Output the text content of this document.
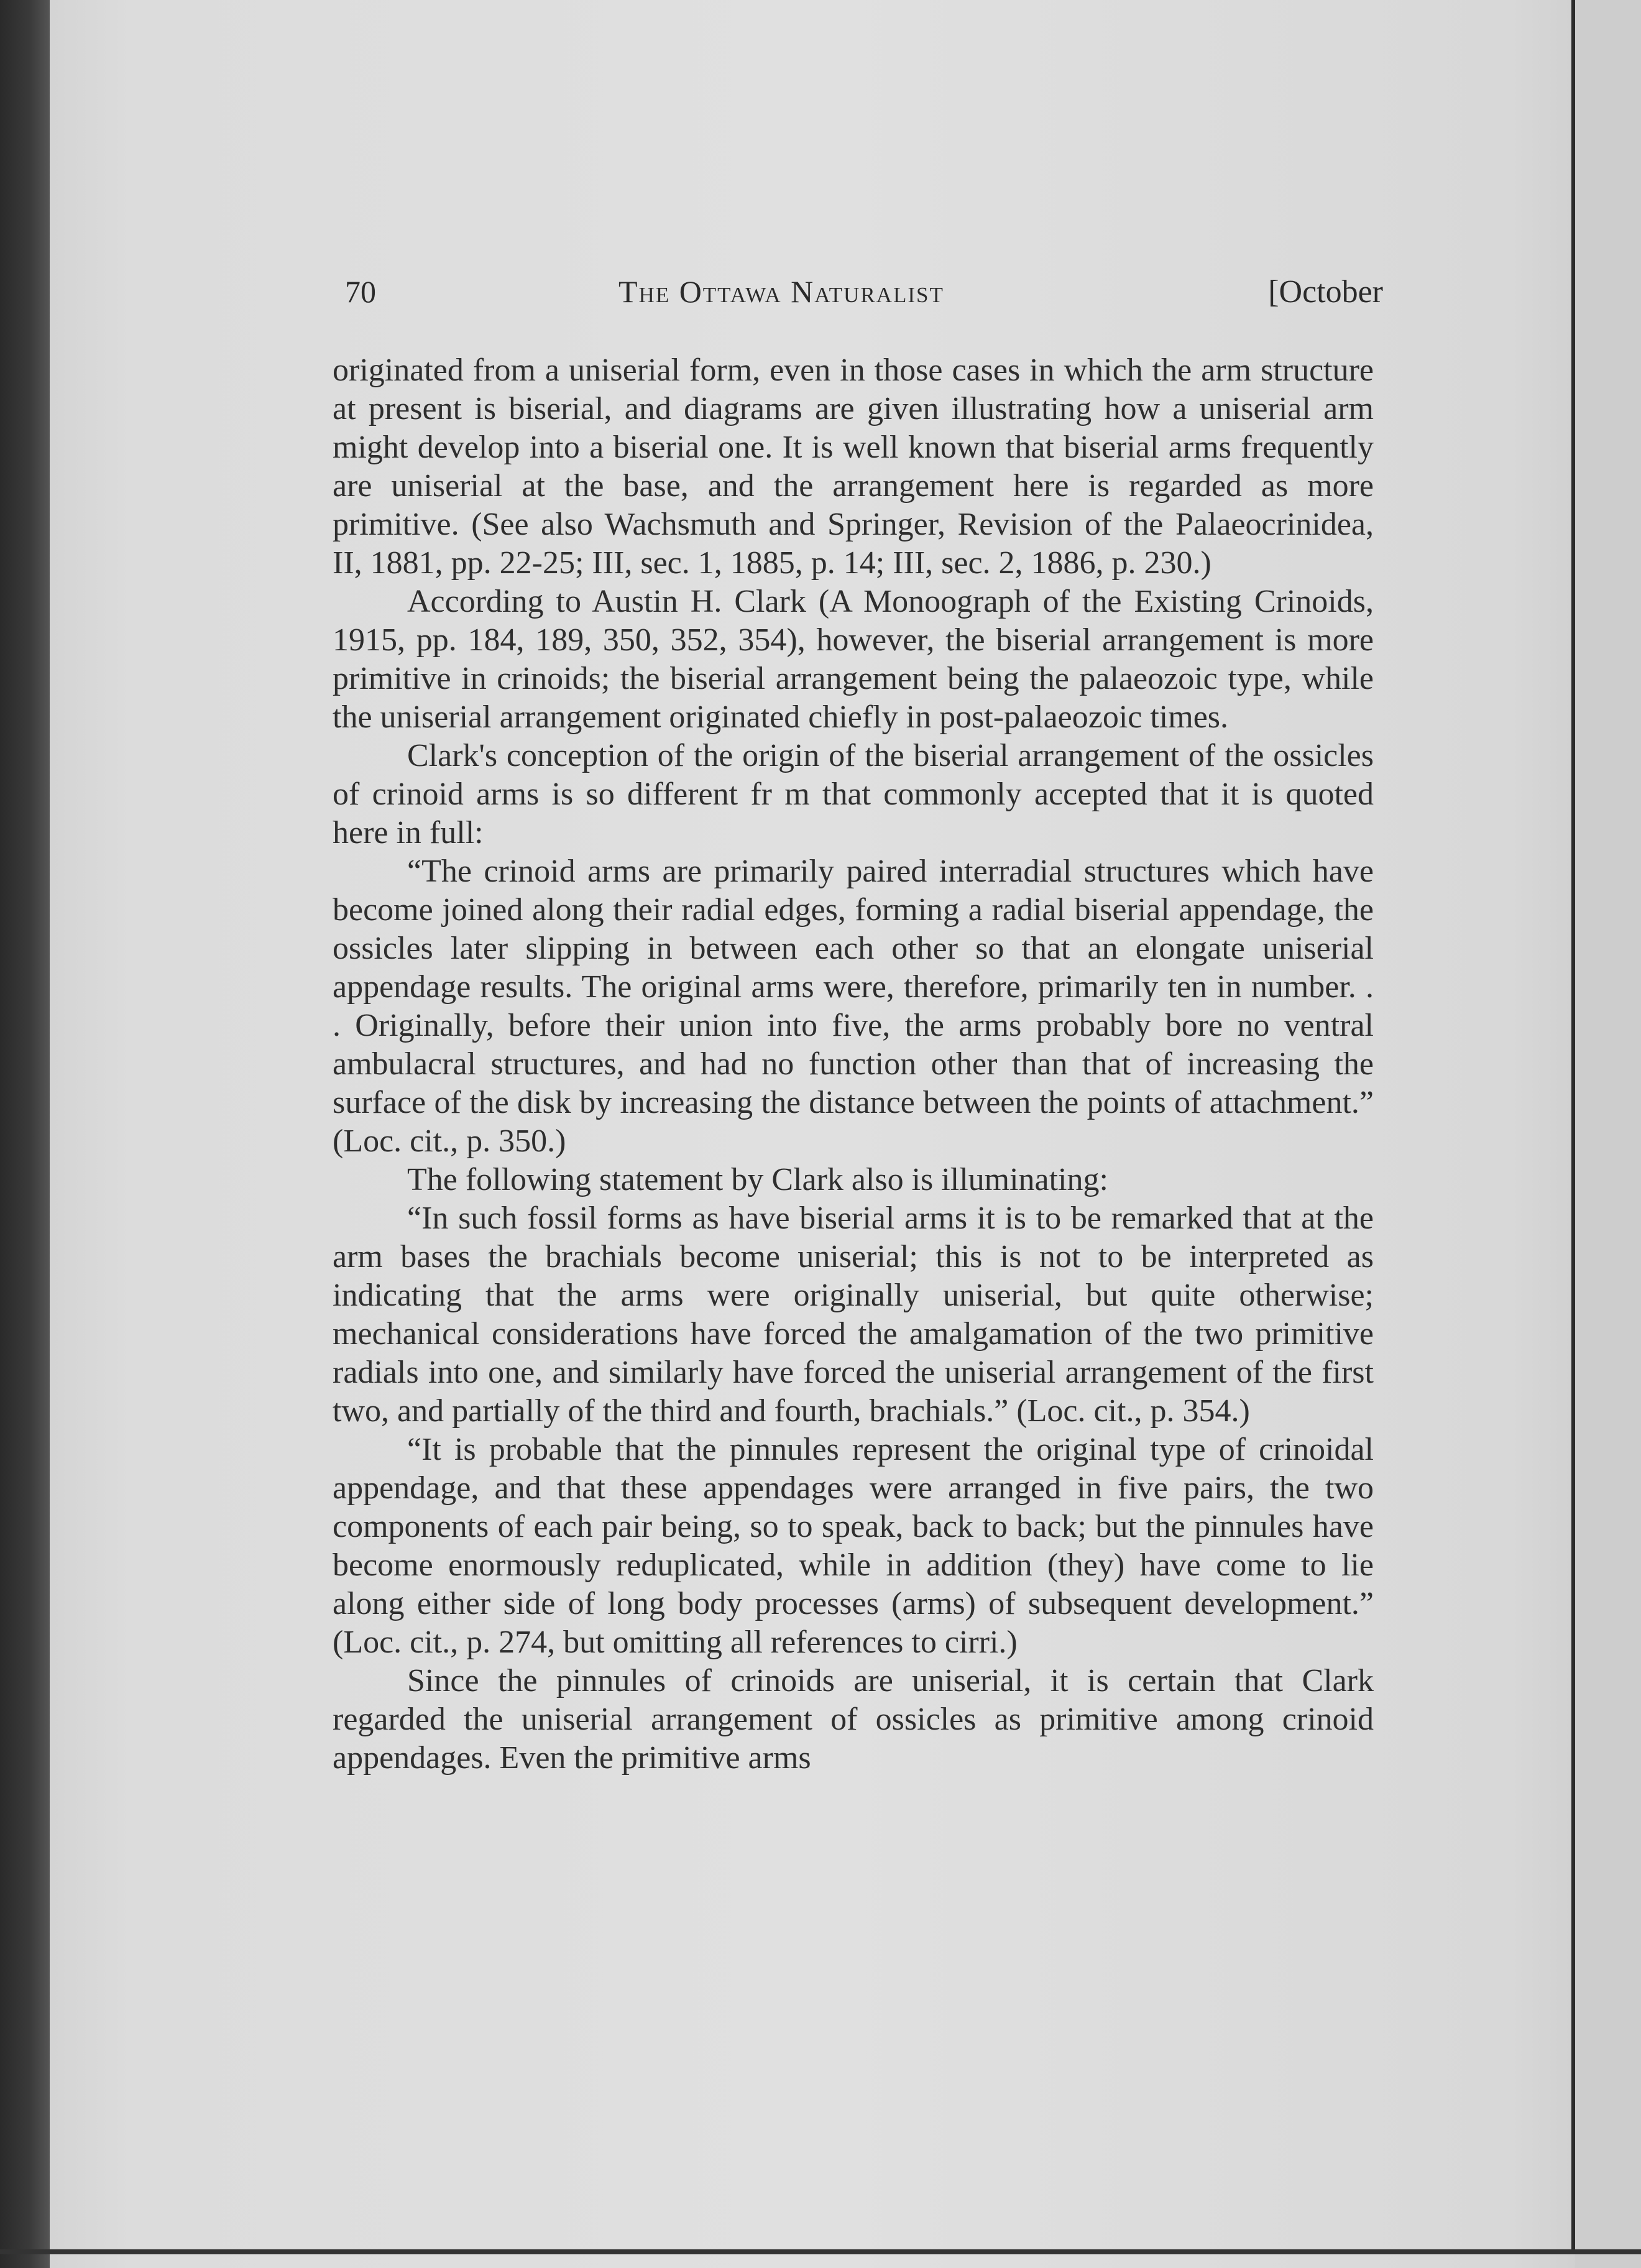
70	The Ottawa Naturalist	[October

originated from a uniserial form, even in those cases in which the arm structure at present is biserial, and diagrams are given illustrating how a uniserial arm might develop into a biserial one. It is well known that biserial arms frequently are uniserial at the base, and the arrangement here is regarded as more primitive. (See also Wachsmuth and Springer, Revision of the Palaeocrinidea, II, 1881, pp. 22-25; III, sec. 1, 1885, p. 14; III, sec. 2, 1886, p. 230.)

According to Austin H. Clark (A Monoograph of the Existing Crinoids, 1915, pp. 184, 189, 350, 352, 354), however, the biserial arrangement is more primitive in crinoids; the biserial arrangement being the palaeozoic type, while the uniserial arrangement originated chiefly in post-palaeozoic times.

Clark's conception of the origin of the biserial arrangement of the ossicles of crinoid arms is so different fr m that commonly accepted that it is quoted here in full:

“The crinoid arms are primarily paired interradial structures which have become joined along their radial edges, forming a radial biserial appendage, the ossicles later slipping in between each other so that an elongate uniserial appendage results. The original arms were, therefore, primarily ten in number. . . Originally, before their union into five, the arms probably bore no ventral ambulacral structures, and had no function other than that of increasing the surface of the disk by increasing the distance between the points of attachment.” (Loc. cit., p. 350.)

The following statement by Clark also is illuminating:

“In such fossil forms as have biserial arms it is to be remarked that at the arm bases the brachials become uniserial; this is not to be interpreted as indicating that the arms were originally uniserial, but quite otherwise; mechanical considerations have forced the amalgamation of the two primitive radials into one, and similarly have forced the uniserial arrangement of the first two, and partially of the third and fourth, brachials.” (Loc. cit., p. 354.)

“It is probable that the pinnules represent the original type of crinoidal appendage, and that these appendages were arranged in five pairs, the two components of each pair being, so to speak, back to back; but the pinnules have become enormously reduplicated, while in addition (they) have come to lie along either side of long body processes (arms) of subsequent development.” (Loc. cit., p. 274, but omitting all references to cirri.)

Since the pinnules of crinoids are uniserial, it is certain that Clark regarded the uniserial arrangement of ossicles as primitive among crinoid appendages. Even the primitive arms
